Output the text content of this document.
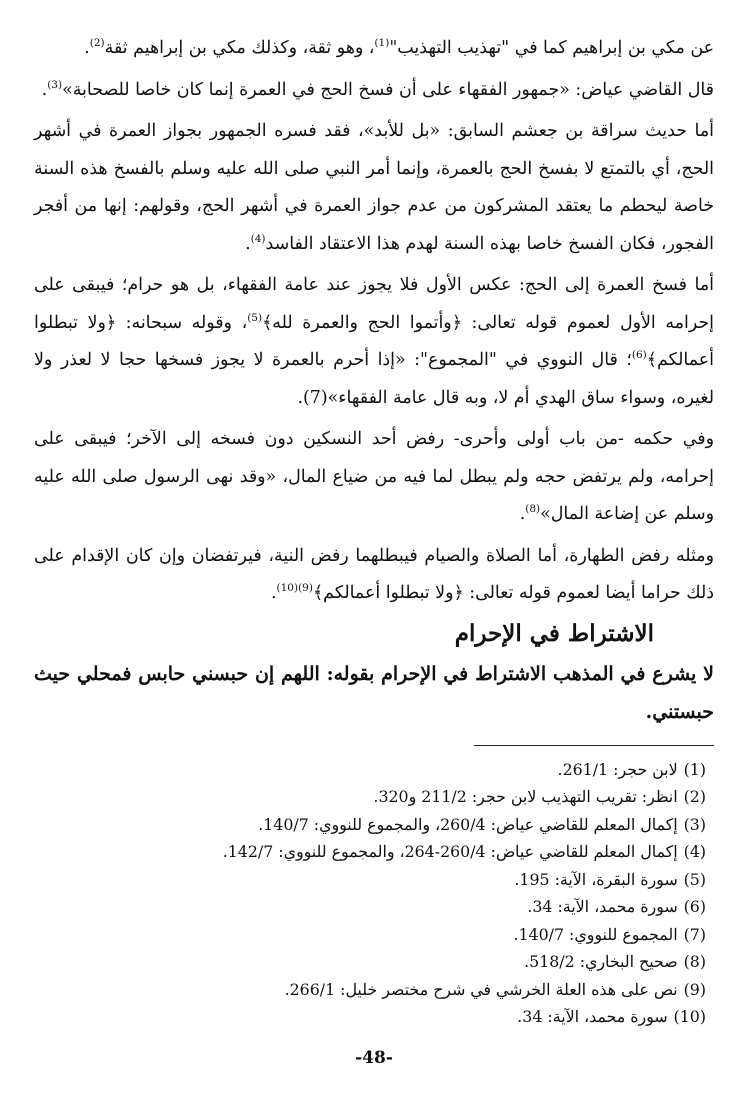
عن مكي بن إبراهيم كما في "تهذيب التهذيب"$^{(1)}$، وهو ثقة، وكذلك مكي بن إبراهيم ثقة$^{(2)}$.

قال القاضي عياض: «جمهور الفقهاء على أن فسخ الحج في العمرة إنما كان خاصا للصحابة»$^{(3)}$.

أما حديث سراقة بن جعشم السابق: «بل للأبد»، فقد فسره الجمهور بجواز العمرة في أشهر الحج، أي بالتمتع لا بفسخ الحج بالعمرة، وإنما أمر النبي صلى الله عليه وسلم بالفسخ هذه السنة خاصة ليحطم ما يعتقد المشركون من عدم جواز العمرة في أشهر الحج، وقولهم: إنها من أفجر الفجور، فكان الفسخ خاصا بهذه السنة لهدم هذا الاعتقاد الفاسد$^{(4)}$.

أما فسخ العمرة إلى الحج: عكس الأول فلا يجوز عند عامة الفقهاء، بل هو حرام؛ فيبقى على إحرامه الأول لعموم قوله تعالى: ﴿وأتموا الحج والعمرة لله﴾$^{(5)}$، وقوله سبحانه: ﴿ولا تبطلوا أعمالكم﴾$^{(6)}$؛ قال النووي في "المجموع": «إذا أحرم بالعمرة لا يجوز فسخها حجا لا لعذر ولا لغيره، وسواء ساق الهدي أم لا، وبه قال عامة الفقهاء»(7).

وفي حكمه -من باب أولى وأحرى- رفض أحد النسكين دون فسخه إلى الآخر؛ فيبقى على إحرامه، ولم يرتفض حجه ولم يبطل لما فيه من ضياع المال، «وقد نهى الرسول صلى الله عليه وسلم عن إضاعة المال»$^{(8)}$.

ومثله رفض الطهارة، أما الصلاة والصيام فيبطلهما رفض النية، فيرتفضان وإن كان الإقدام على ذلك حراما أيضا لعموم قوله تعالى: ﴿ولا تبطلوا أعمالكم﴾$^{(9)(10)}$.

الاشتراط في الإحرام

لا يشرع في المذهب الاشتراط في الإحرام بقوله: اللهم إن حبسني حابس فمحلي حيث حبستني.

(1)لابن حجر: 261/1.
(2)انظر: تقريب التهذيب لابن حجر: 211/2 و320.
(3)إكمال المعلم للقاضي عياض: 260/4، والمجموع للنووي: 140/7.
(4)إكمال المعلم للقاضي عياض: 260/4-264، والمجموع للنووي: 142/7.
(5)سورة البقرة، الآية: 195.
(6)سورة محمد، الآية: 34.
(7)المجموع للنووي: 140/7.
(8)صحيح البخاري: 518/2.
(9)نص على هذه العلة الخرشي في شرح مختصر خليل: 266/1.
(10)سورة محمد، الآية: 34.
-48-
